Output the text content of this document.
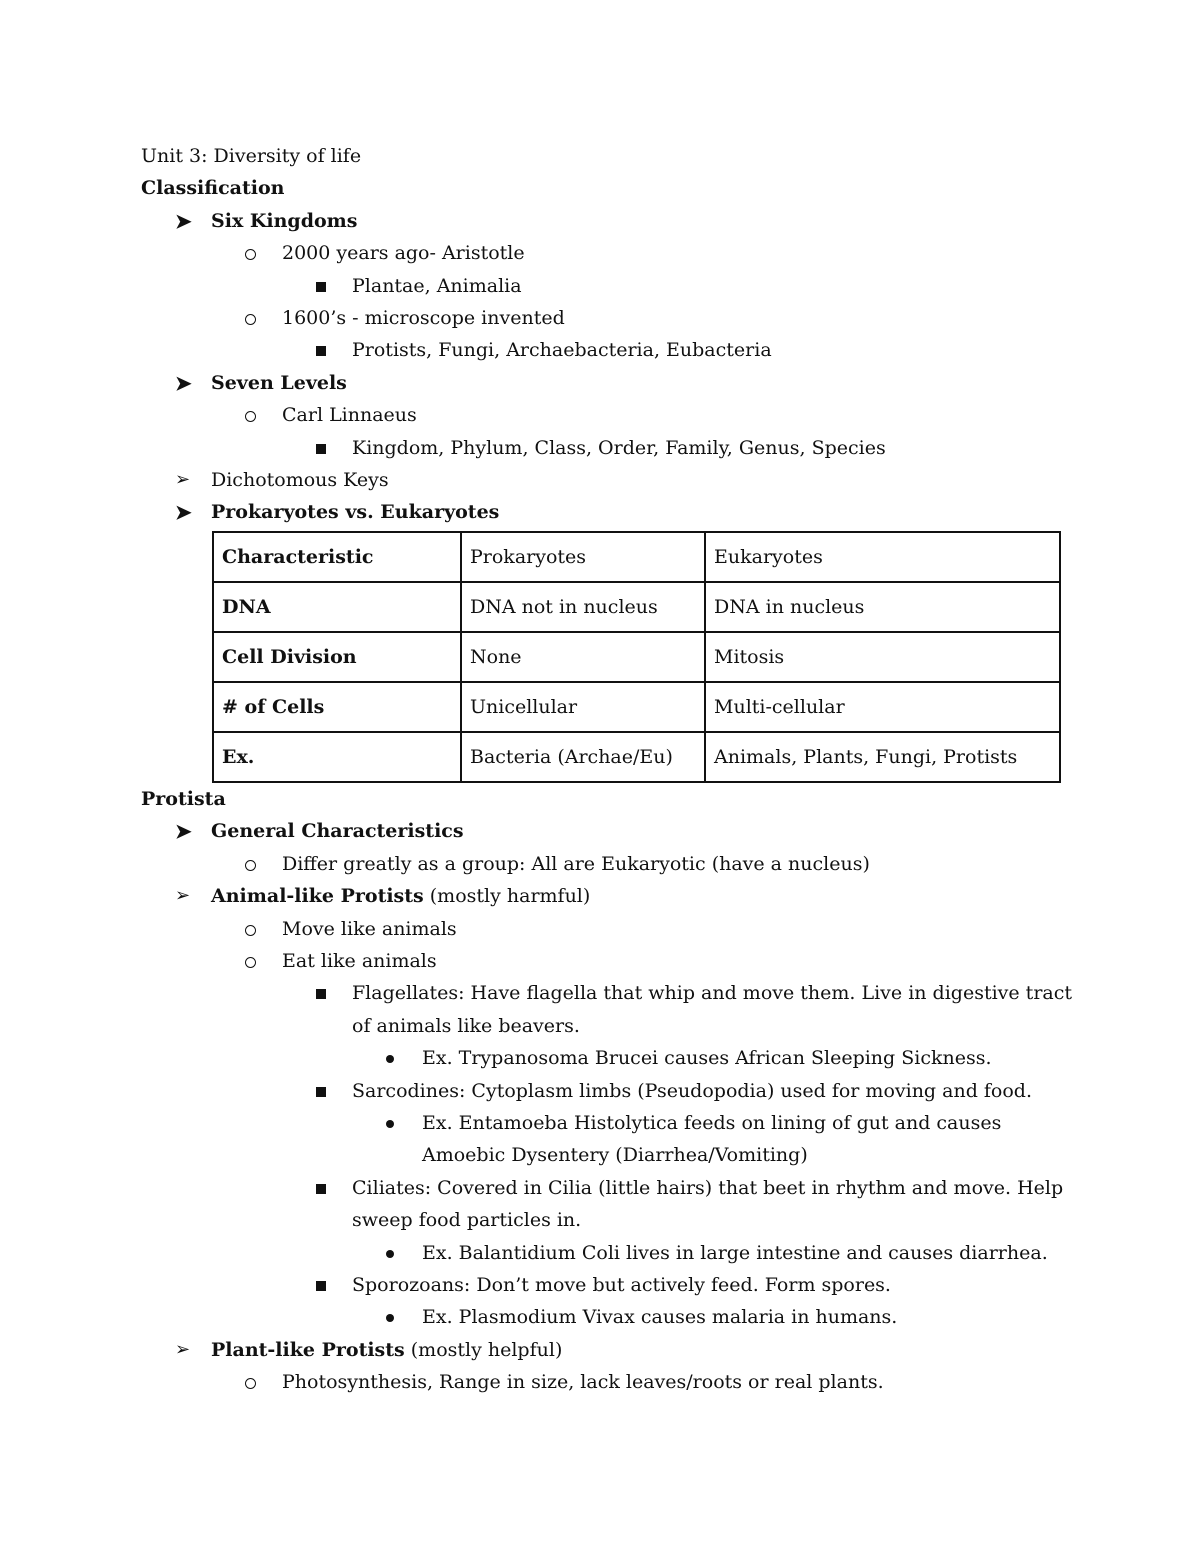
Unit 3: Diversity of life
Classification
➤ Six Kingdoms
2000 years ago- Aristotle
Plantae, Animalia
1600’s - microscope invented
Protists, Fungi, Archaebacteria, Eubacteria
➤ Seven Levels
Carl Linnaeus
Kingdom, Phylum, Class, Order, Family, Genus, Species
➢ Dichotomous Keys
➤ Prokaryotes vs. Eukaryotes
Characteristic	Prokaryotes	Eukaryotes
DNA	DNA not in nucleus	DNA in nucleus
Cell Division	None	Mitosis
# of Cells	Unicellular	Multi-cellular
Ex.	Bacteria (Archae/Eu)	Animals, Plants, Fungi, Protists
Protista
➤ General Characteristics
Differ greatly as a group: All are Eukaryotic (have a nucleus)
➢ Animal-like Protists (mostly harmful)
Move like animals
Eat like animals
Flagellates: Have flagella that whip and move them. Live in digestive tract of animals like beavers.
Ex. Trypanosoma Brucei causes African Sleeping Sickness.
Sarcodines: Cytoplasm limbs (Pseudopodia) used for moving and food.
Ex. Entamoeba Histolytica feeds on lining of gut and causes Amoebic Dysentery (Diarrhea/Vomiting)
Ciliates: Covered in Cilia (little hairs) that beet in rhythm and move. Help sweep food particles in.
Ex. Balantidium Coli lives in large intestine and causes diarrhea.
Sporozoans: Don’t move but actively feed. Form spores.
Ex. Plasmodium Vivax causes malaria in humans.
➢ Plant-like Protists (mostly helpful)
Photosynthesis, Range in size, lack leaves/roots or real plants.
